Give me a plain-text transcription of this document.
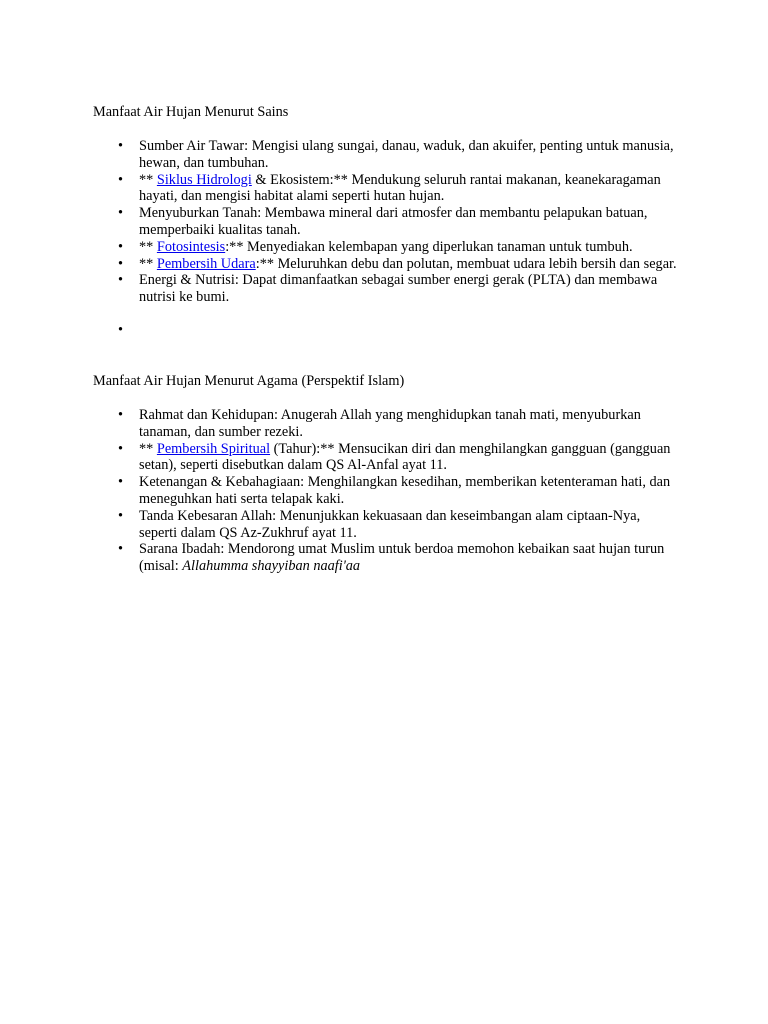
Manfaat Air Hujan Menurut Sains

• Sumber Air Tawar: Mengisi ulang sungai, danau, waduk, dan akuifer, penting untuk manusia, hewan, dan tumbuhan.
• ** Siklus Hidrologi & Ekosistem:** Mendukung seluruh rantai makanan, keanekaragaman hayati, dan mengisi habitat alami seperti hutan hujan.
• Menyuburkan Tanah: Membawa mineral dari atmosfer dan membantu pelapukan batuan, memperbaiki kualitas tanah.
• ** Fotosintesis:** Menyediakan kelembapan yang diperlukan tanaman untuk tumbuh.
• ** Pembersih Udara:** Meluruhkan debu dan polutan, membuat udara lebih bersih dan segar.
• Energi & Nutrisi: Dapat dimanfaatkan sebagai sumber energi gerak (PLTA) dan membawa nutrisi ke bumi.
•

Manfaat Air Hujan Menurut Agama (Perspektif Islam)

• Rahmat dan Kehidupan: Anugerah Allah yang menghidupkan tanah mati, menyuburkan tanaman, dan sumber rezeki.
• ** Pembersih Spiritual (Tahur):** Mensucikan diri dan menghilangkan gangguan (gangguan setan), seperti disebutkan dalam QS Al-Anfal ayat 11.
• Ketenangan & Kebahagiaan: Menghilangkan kesedihan, memberikan ketenteraman hati, dan meneguhkan hati serta telapak kaki.
• Tanda Kebesaran Allah: Menunjukkan kekuasaan dan keseimbangan alam ciptaan-Nya, seperti dalam QS Az-Zukhruf ayat 11.
• Sarana Ibadah: Mendorong umat Muslim untuk berdoa memohon kebaikan saat hujan turun (misal: Allahumma shayyiban naafi'aa
